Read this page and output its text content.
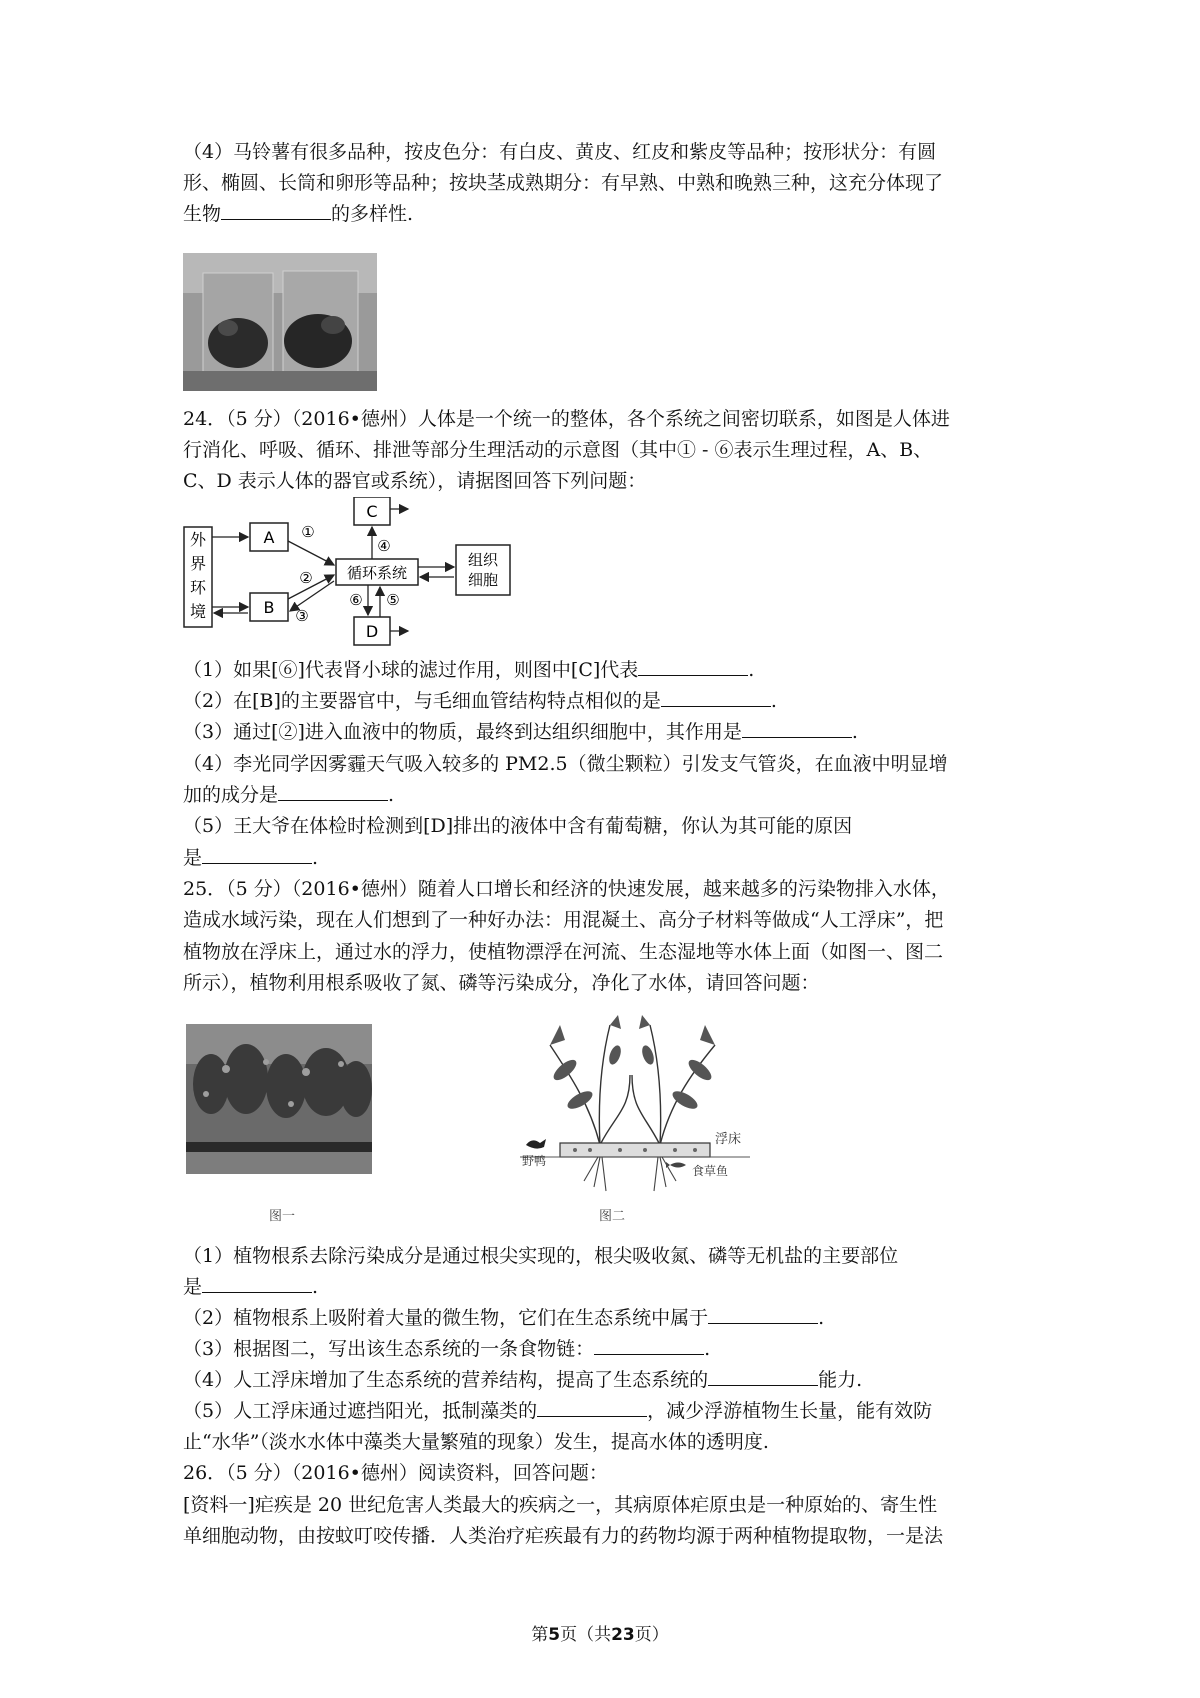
（4）马铃薯有很多品种，按皮色分：有白皮、黄皮、红皮和紫皮等品种；按形状分：有圆
形、椭圆、长筒和卵形等品种；按块茎成熟期分：有早熟、中熟和晚熟三种，这充分体现了
生物	的多样性.
24．（5 分）（2016•德州）人体是一个统一的整体，各个系统之间密切联系，如图是人体进
行消化、呼吸、循环、排泄等部分生理活动的示意图（其中① - ⑥表示生理过程，A、B、
C、D 表示人体的器官或系统），请据图回答下列问题：
外
界
环
境
A
B
C
D
循环系统
组织
细胞
①
②
③
④
⑤
⑥
（1）如果[⑥]代表肾小球的滤过作用，则图中[C]代表	.
（2）在[B]的主要器官中，与毛细血管结构特点相似的是	.
（3）通过[②]进入血液中的物质，最终到达组织细胞中，其作用是	.
（4）李光同学因雾霾天气吸入较多的 PM2.5（微尘颗粒）引发支气管炎，在血液中明显增
加的成分是	.
（5）王大爷在体检时检测到[D]排出的液体中含有葡萄糖，你认为其可能的原因
是	.
25．（5 分）（2016•德州）随着人口增长和经济的快速发展，越来越多的污染物排入水体，
造成水域污染，现在人们想到了一种好办法：用混凝土、高分子材料等做成“人工浮床”，把
植物放在浮床上，通过水的浮力，使植物漂浮在河流、生态湿地等水体上面（如图一、图二
所示），植物利用根系吸收了氮、磷等污染成分，净化了水体，请回答问题：
图一
浮床
野鸭
食草鱼
图二
（1）植物根系去除污染成分是通过根尖实现的，根尖吸收氮、磷等无机盐的主要部位
是	.
（2）植物根系上吸附着大量的微生物，它们在生态系统中属于	.
（3）根据图二，写出该生态系统的一条食物链：	.
（4）人工浮床增加了生态系统的营养结构，提高了生态系统的	能力.
（5）人工浮床通过遮挡阳光，抵制藻类的	，减少浮游植物生长量，能有效防
止“水华”（淡水水体中藻类大量繁殖的现象）发生，提高水体的透明度.
26．（5 分）（2016•德州）阅读资料，回答问题：
[资料一]疟疾是 20 世纪危害人类最大的疾病之一，其病原体疟原虫是一种原始的、寄生性
单细胞动物，由按蚊叮咬传播．人类治疗疟疾最有力的药物均源于两种植物提取物，一是法
第5页（共23页）
